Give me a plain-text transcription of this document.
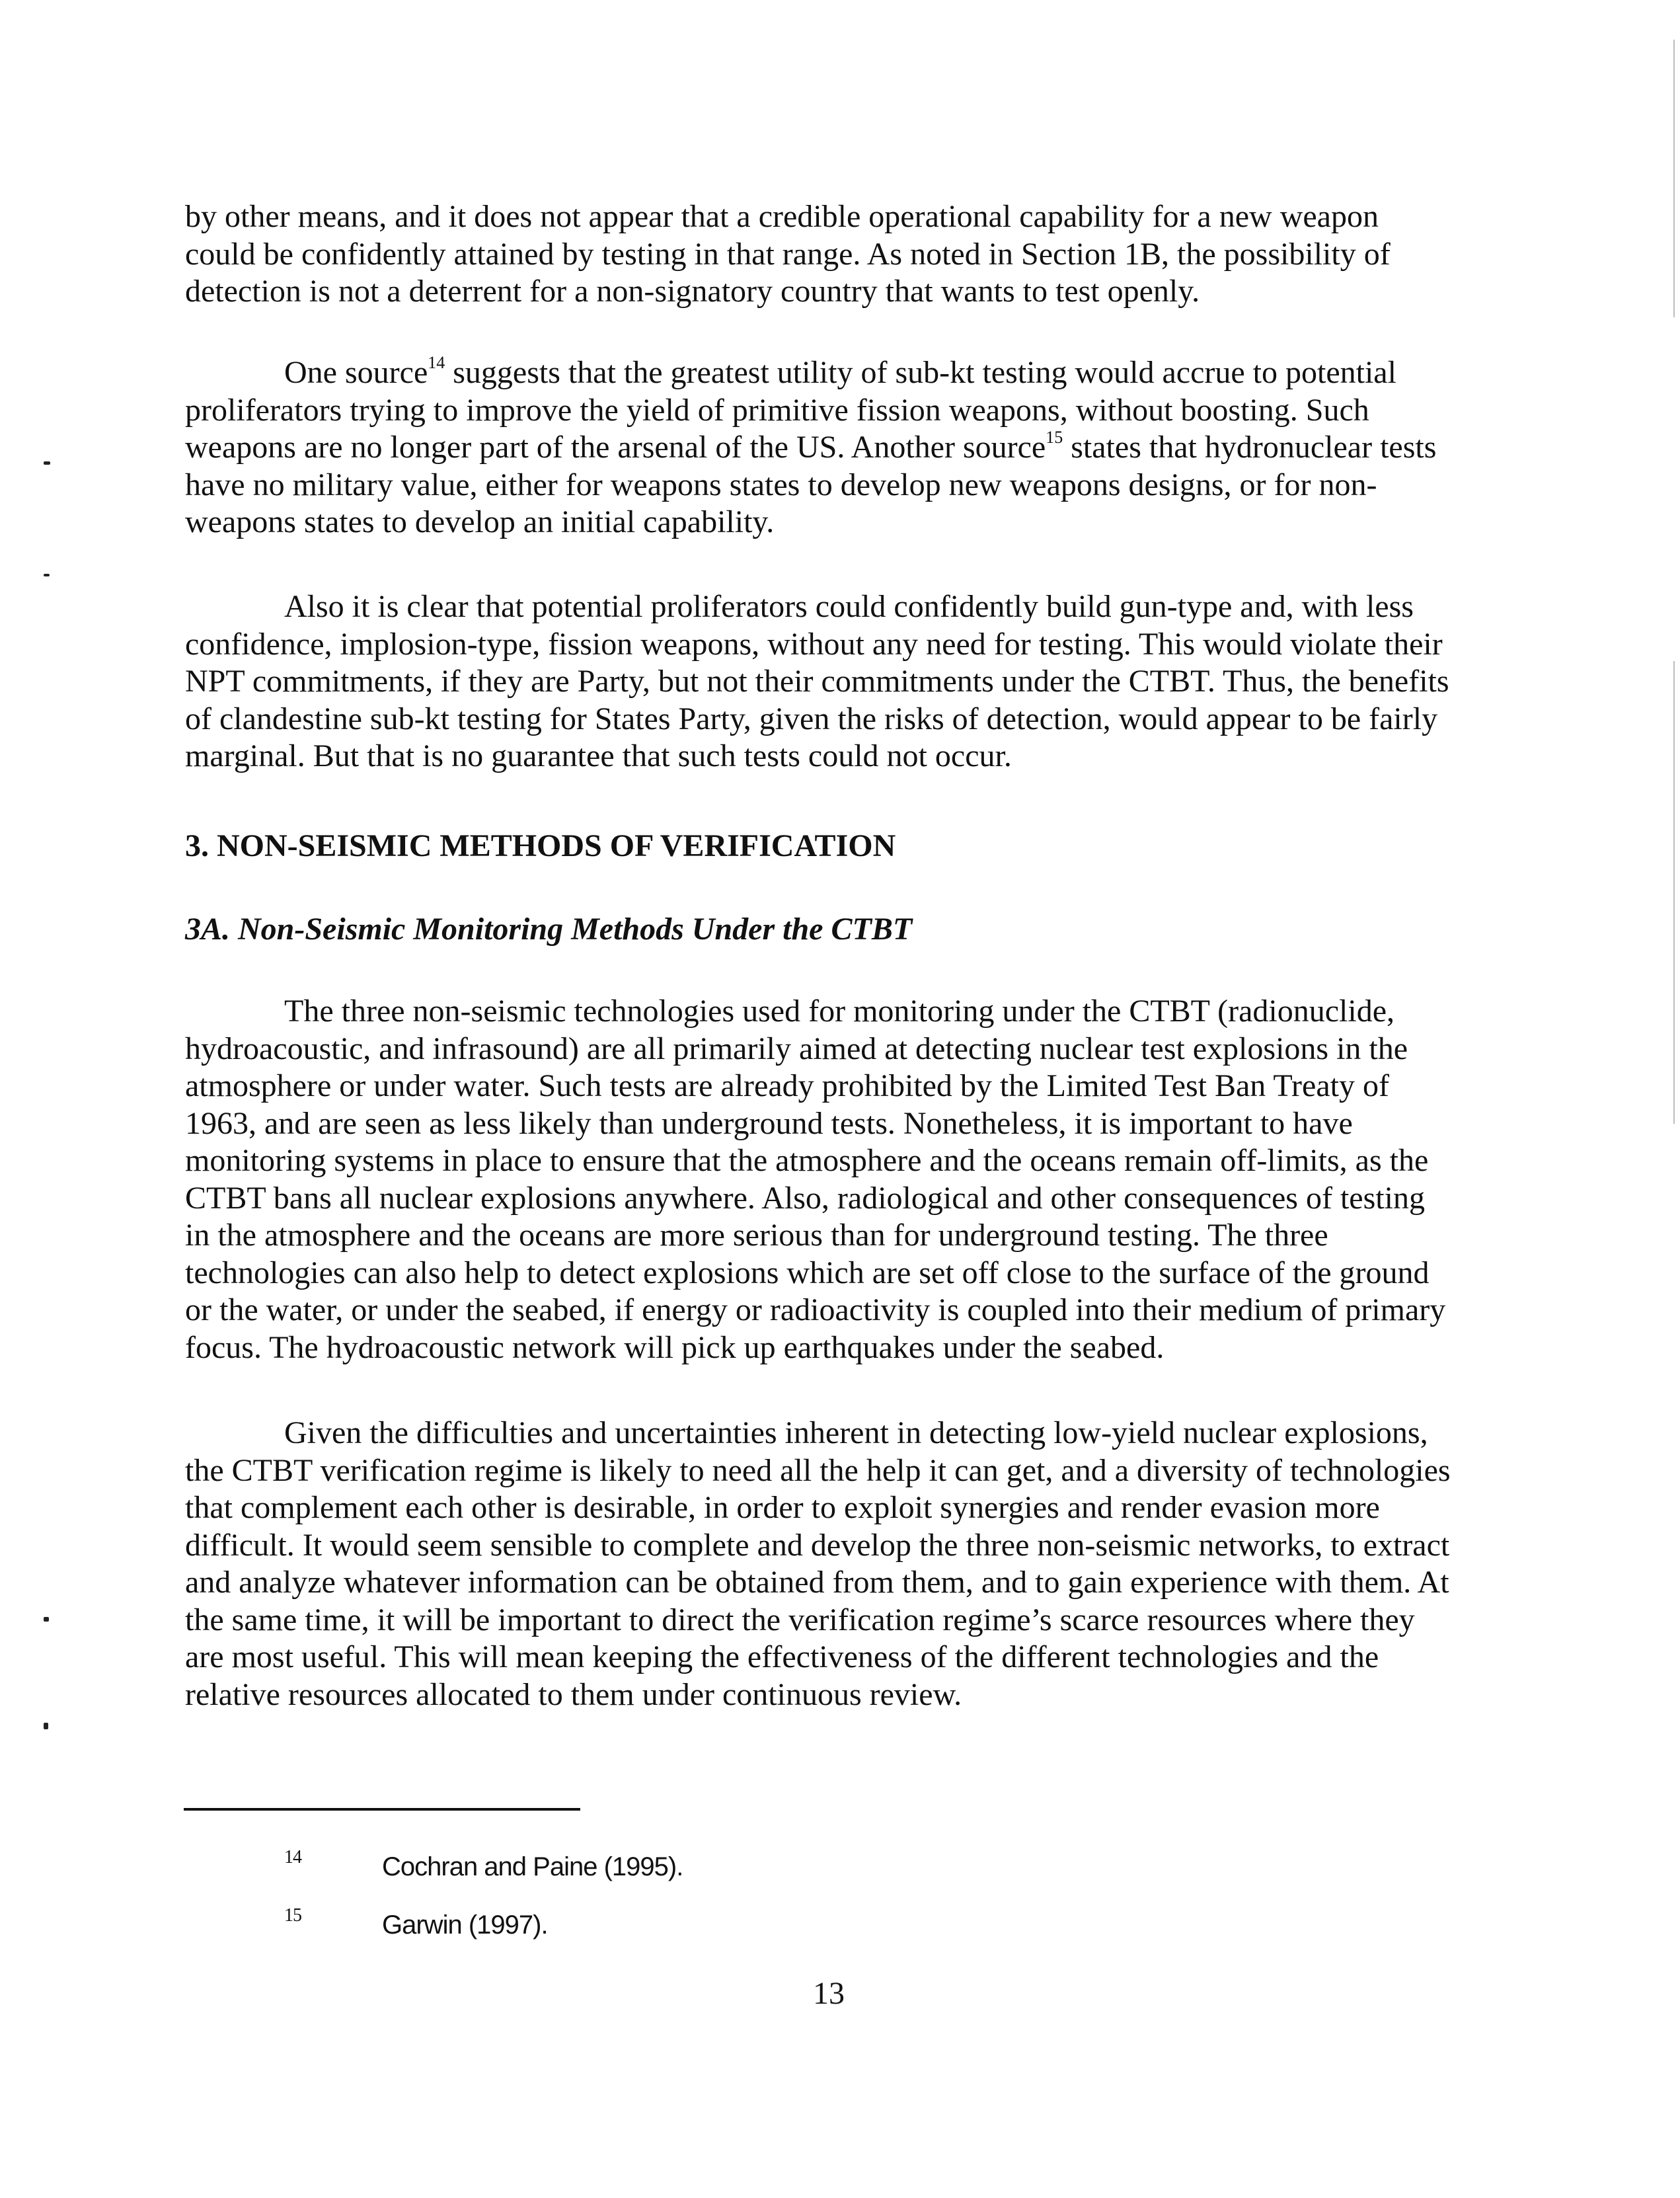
by other means, and it does not appear that a credible operational capability for a new weapon could be confidently attained by testing in that range. As noted in Section 1B, the possibility of detection is not a deterrent for a non-signatory country that wants to test openly.

One source$^{14}$ suggests that the greatest utility of sub-kt testing would accrue to potential proliferators trying to improve the yield of primitive fission weapons, without boosting. Such weapons are no longer part of the arsenal of the US. Another source$^{15}$ states that hydronuclear tests have no military value, either for weapons states to develop new weapons designs, or for non-weapons states to develop an initial capability.

Also it is clear that potential proliferators could confidently build gun-type and, with less confidence, implosion-type, fission weapons, without any need for testing. This would violate their NPT commitments, if they are Party, but not their commitments under the CTBT. Thus, the benefits of clandestine sub-kt testing for States Party, given the risks of detection, would appear to be fairly marginal. But that is no guarantee that such tests could not occur.

3. NON-SEISMIC METHODS OF VERIFICATION
3A. Non-Seismic Monitoring Methods Under the CTBT

The three non-seismic technologies used for monitoring under the CTBT (radionuclide, hydroacoustic, and infrasound) are all primarily aimed at detecting nuclear test explosions in the atmosphere or under water. Such tests are already prohibited by the Limited Test Ban Treaty of 1963, and are seen as less likely than underground tests. Nonetheless, it is important to have monitoring systems in place to ensure that the atmosphere and the oceans remain off-limits, as the CTBT bans all nuclear explosions anywhere. Also, radiological and other consequences of testing in the atmosphere and the oceans are more serious than for underground testing. The three technologies can also help to detect explosions which are set off close to the surface of the ground or the water, or under the seabed, if energy or radioactivity is coupled into their medium of primary focus. The hydroacoustic network will pick up earthquakes under the seabed.

Given the difficulties and uncertainties inherent in detecting low-yield nuclear explosions, the CTBT verification regime is likely to need all the help it can get, and a diversity of technologies that complement each other is desirable, in order to exploit synergies and render evasion more difficult. It would seem sensible to complete and develop the three non-seismic networks, to extract and analyze whatever information can be obtained from them, and to gain experience with them. At the same time, it will be important to direct the verification regime’s scarce resources where they are most useful. This will mean keeping the effectiveness of the different technologies and the relative resources allocated to them under continuous review.

14	Cochran and Paine (1995).
15	Garwin (1997).
13
